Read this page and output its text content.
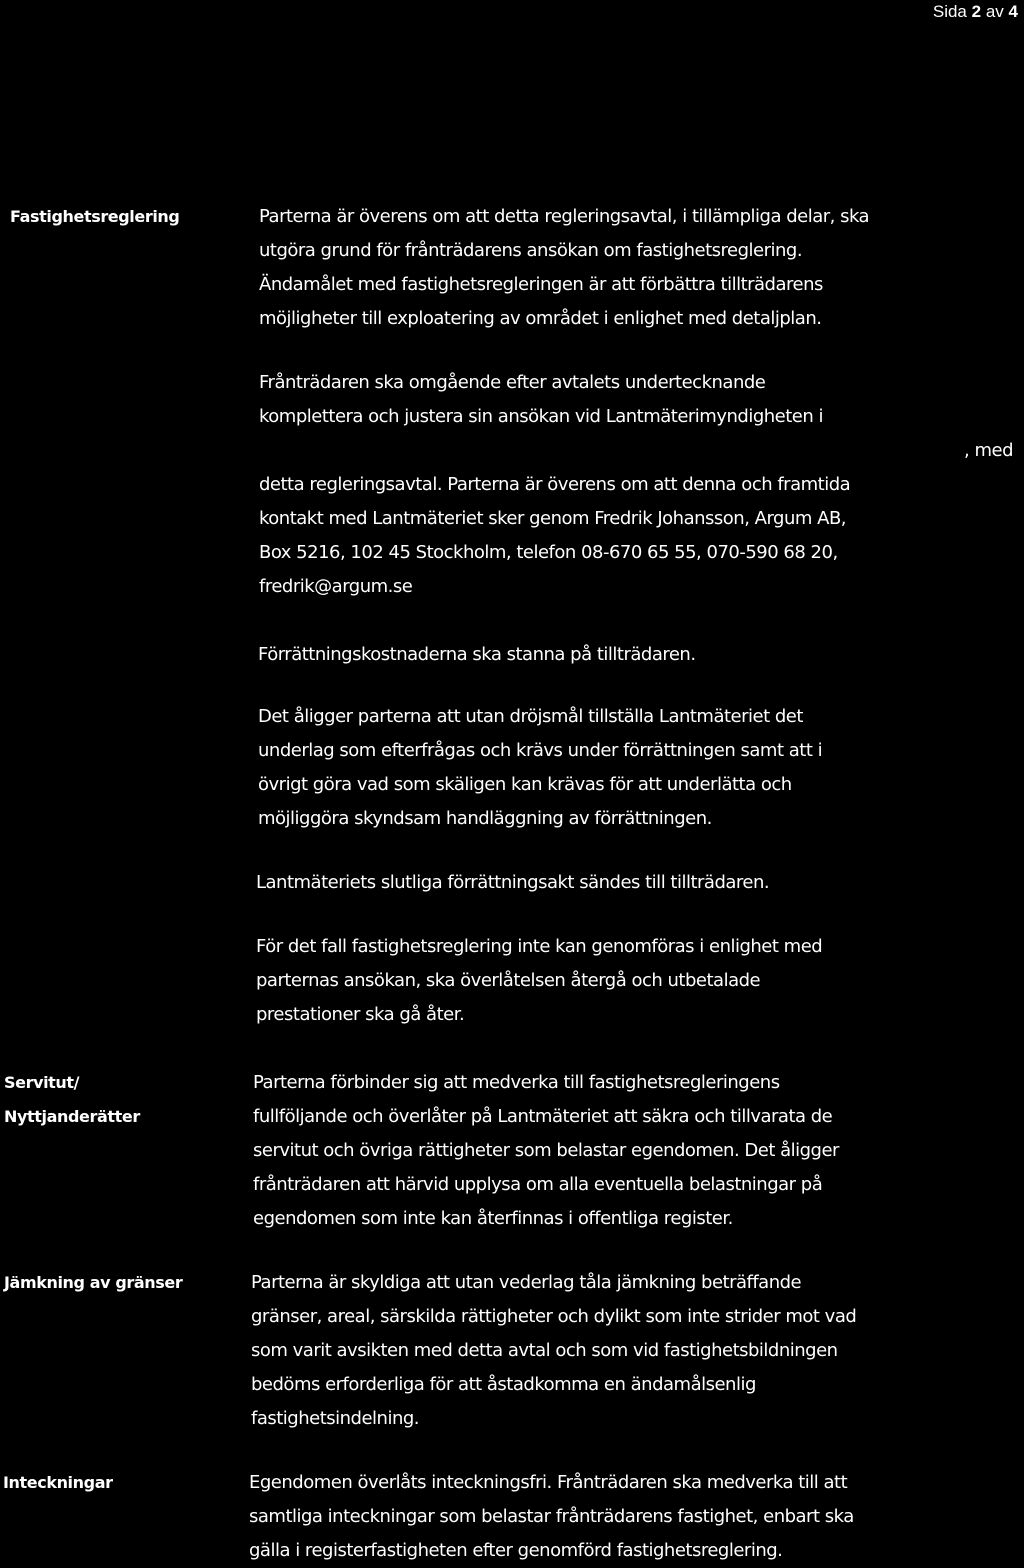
Sida 2 av 4
Fastighetsreglering	Parterna är överens om att detta regleringsavtal, i tillämpliga delar, ska
utgöra grund för frånträdarens ansökan om fastighetsreglering.
Ändamålet med fastighetsregleringen är att förbättra tillträdarens
möjligheter till exploatering av området i enlighet med detaljplan.
Frånträdaren ska omgående efter avtalets undertecknande
komplettera och justera sin ansökan vid Lantmäterimyndigheten i
, med
detta regleringsavtal. Parterna är överens om att denna och framtida
kontakt med Lantmäteriet sker genom Fredrik Johansson, Argum AB,
Box 5216, 102 45 Stockholm, telefon 08-670 65 55, 070-590 68 20,
fredrik@argum.se
Förrättningskostnaderna ska stanna på tillträdaren.
Det åligger parterna att utan dröjsmål tillställa Lantmäteriet det
underlag som efterfrågas och krävs under förrättningen samt att i
övrigt göra vad som skäligen kan krävas för att underlätta och
möjliggöra skyndsam handläggning av förrättningen.
Lantmäteriets slutliga förrättningsakt sändes till tillträdaren.
För det fall fastighetsreglering inte kan genomföras i enlighet med
parternas ansökan, ska överlåtelsen återgå och utbetalade
prestationer ska gå åter.
Servitut/
Nyttjanderätter
Parterna förbinder sig att medverka till fastighetsregleringens
fullföljande och överlåter på Lantmäteriet att säkra och tillvarata de
servitut och övriga rättigheter som belastar egendomen. Det åligger
frånträdaren att härvid upplysa om alla eventuella belastningar på
egendomen som inte kan återfinnas i offentliga register.
Jämkning av gränser	Parterna är skyldiga att utan vederlag tåla jämkning beträffande
gränser, areal, särskilda rättigheter och dylikt som inte strider mot vad
som varit avsikten med detta avtal och som vid fastighetsbildningen
bedöms erforderliga för att åstadkomma en ändamålsenlig
fastighetsindelning.
Inteckningar	Egendomen överlåts inteckningsfri. Frånträdaren ska medverka till att
samtliga inteckningar som belastar frånträdarens fastighet, enbart ska
gälla i registerfastigheten efter genomförd fastighetsreglering.
